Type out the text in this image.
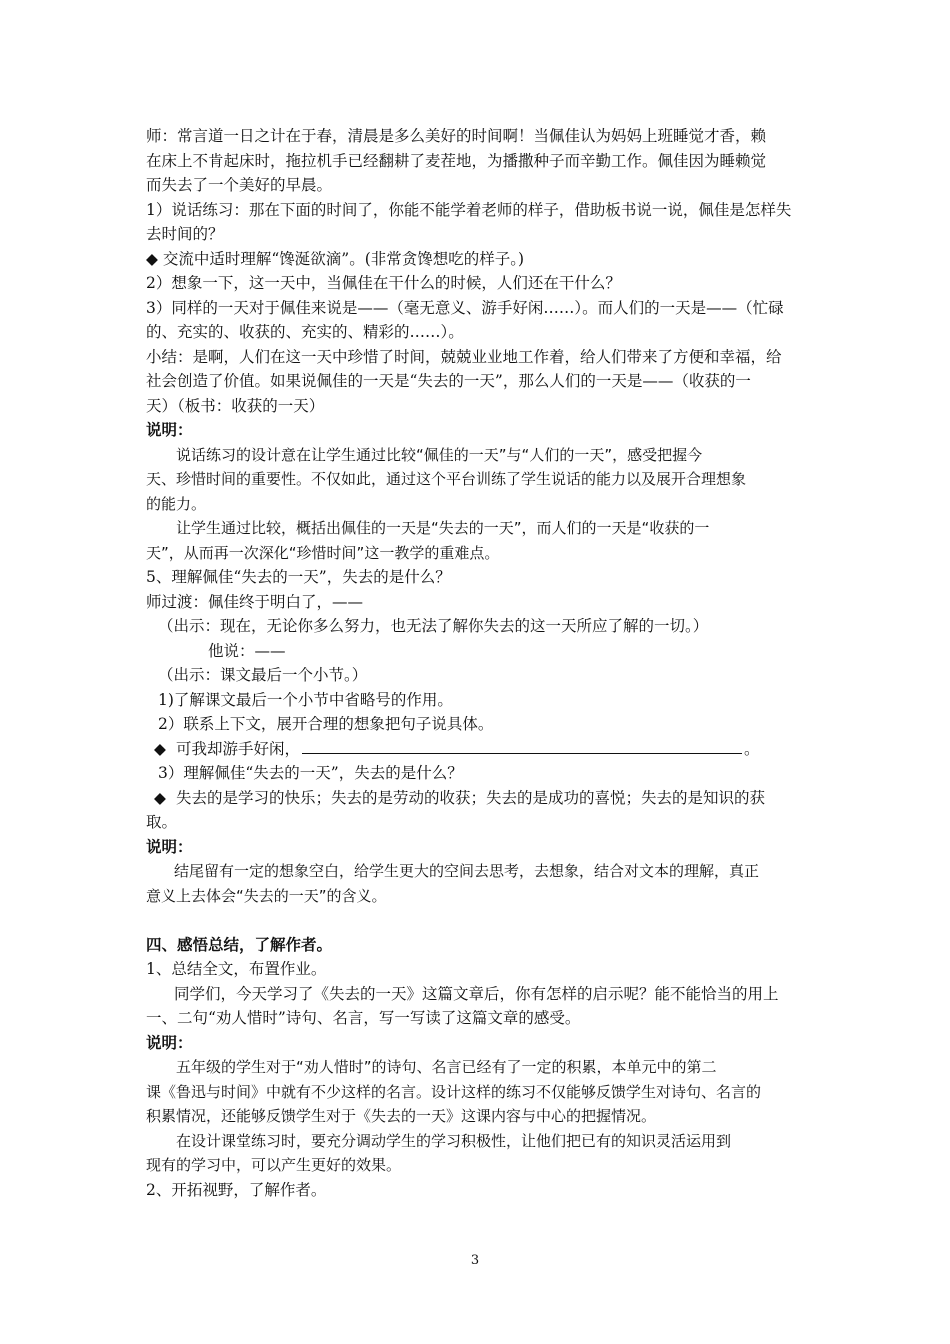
师：常言道一日之计在于春，清晨是多么美好的时间啊！当佩佳认为妈妈上班睡觉才香，赖
在床上不肯起床时，拖拉机手已经翻耕了麦茬地，为播撒种子而辛勤工作。佩佳因为睡赖觉
而失去了一个美好的早晨。
1）说话练习：那在下面的时间了，你能不能学着老师的样子，借助板书说一说，佩佳是怎样失
去时间的？
◆ 交流中适时理解“馋涎欲滴”。(非常贪馋想吃的样子。)
2）想象一下，这一天中，当佩佳在干什么的时候，人们还在干什么？
3）同样的一天对于佩佳来说是——（毫无意义、游手好闲……）。而人们的一天是——（忙碌
的、充实的、收获的、充实的、精彩的……）。
小结：是啊，人们在这一天中珍惜了时间，兢兢业业地工作着，给人们带来了方便和幸福，给
社会创造了价值。如果说佩佳的一天是“失去的一天”，那么人们的一天是——（收获的一
天）（板书：收获的一天）
说明：
说话练习的设计意在让学生通过比较“佩佳的一天”与“人们的一天”，感受把握今
天、珍惜时间的重要性。不仅如此，通过这个平台训练了学生说话的能力以及展开合理想象
的能力。
让学生通过比较，概括出佩佳的一天是“失去的一天”，而人们的一天是“收获的一
天”，从而再一次深化“珍惜时间”这一教学的重难点。
5、理解佩佳“失去的一天”，失去的是什么？
师过渡：佩佳终于明白了，——
（出示：现在，无论你多么努力，也无法了解你失去的这一天所应了解的一切。）
他说：——
（出示：课文最后一个小节。）
1)了解课文最后一个小节中省略号的作用。
2）联系上下文，展开合理的想象把句子说具体。
◆ 可我却游手好闲，	。
3）理解佩佳“失去的一天”，失去的是什么？
◆ 失去的是学习的快乐；失去的是劳动的收获；失去的是成功的喜悦；失去的是知识的获
取。
说明：
结尾留有一定的想象空白，给学生更大的空间去思考，去想象，结合对文本的理解，真正
意义上去体会“失去的一天”的含义。
四、感悟总结，了解作者。
1、总结全文，布置作业。
同学们，今天学习了《失去的一天》这篇文章后，你有怎样的启示呢？能不能恰当的用上
一、二句“劝人惜时”诗句、名言，写一写读了这篇文章的感受。
说明：
五年级的学生对于“劝人惜时”的诗句、名言已经有了一定的积累，本单元中的第二
课《鲁迅与时间》中就有不少这样的名言。设计这样的练习不仅能够反馈学生对诗句、名言的
积累情况，还能够反馈学生对于《失去的一天》这课内容与中心的把握情况。
在设计课堂练习时，要充分调动学生的学习积极性，让他们把已有的知识灵活运用到
现有的学习中，可以产生更好的效果。
2、开拓视野，了解作者。
3
